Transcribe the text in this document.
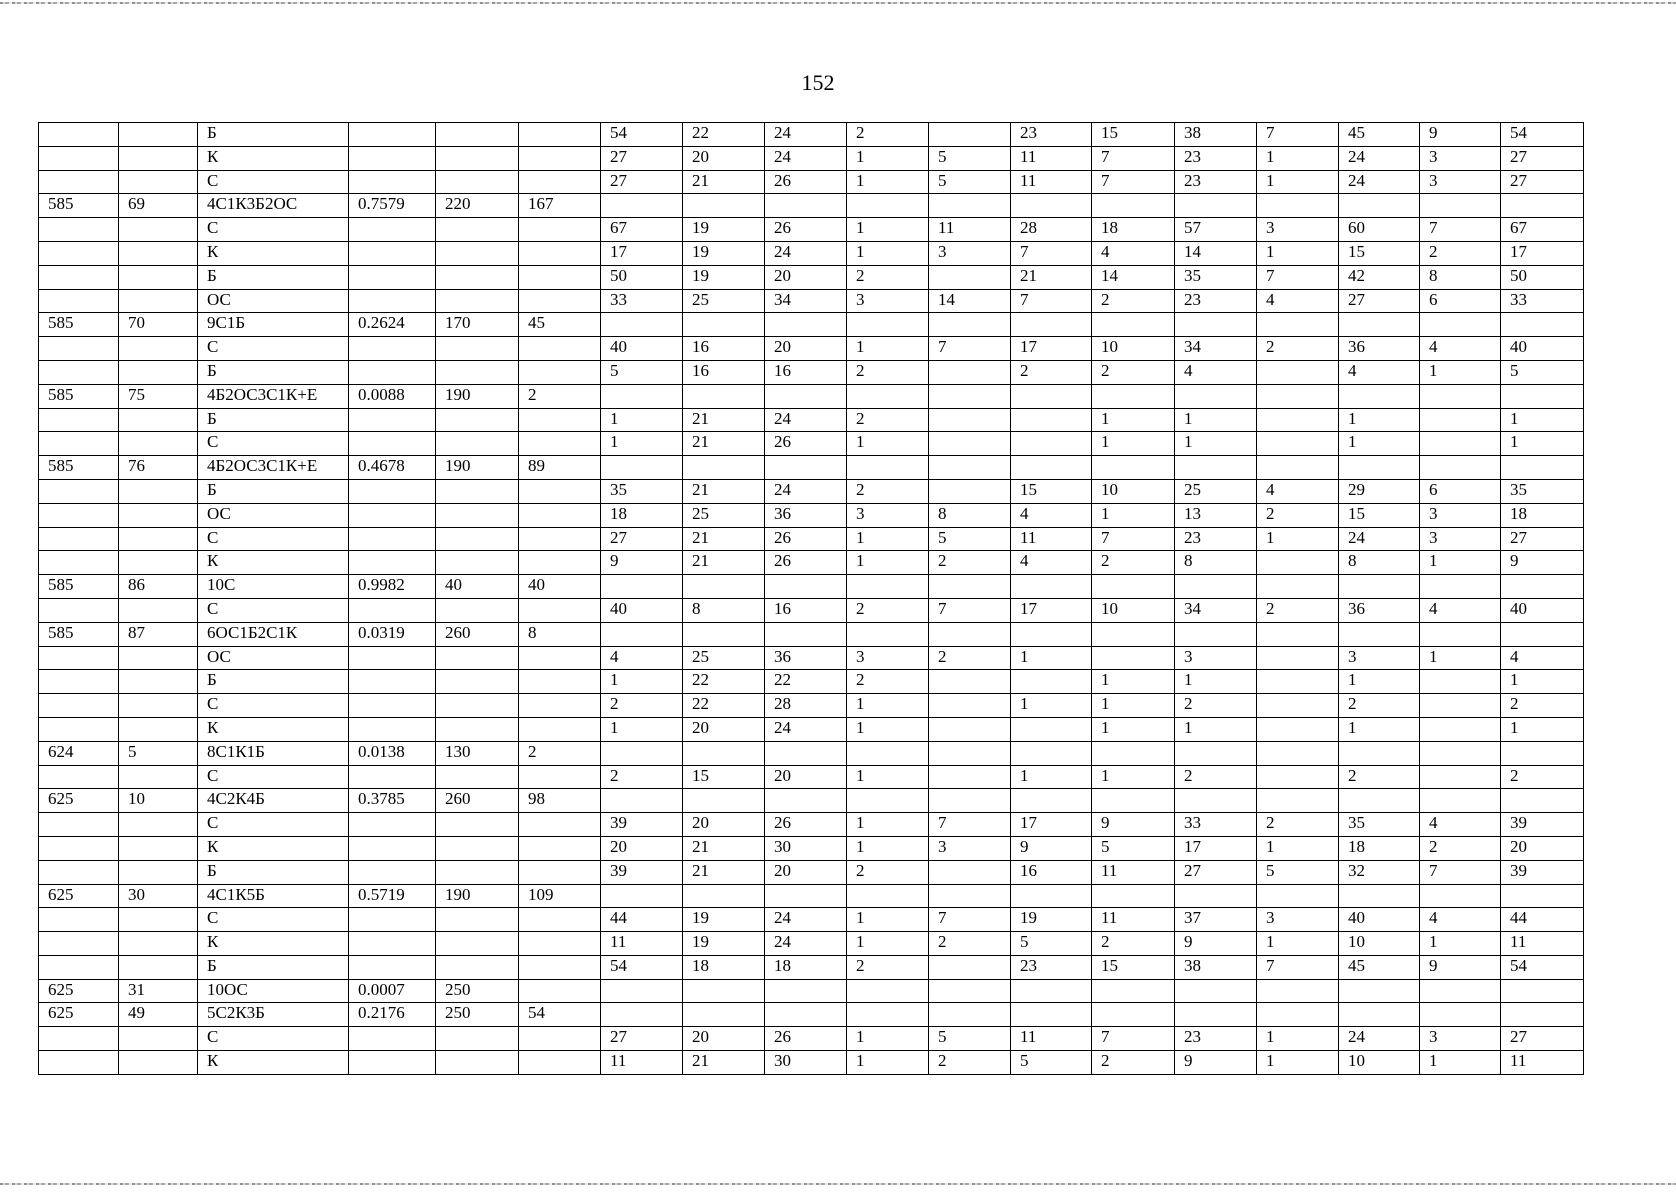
152
		Б				54	22	24	2		23	15	38	7	45	9	54
		К				27	20	24	1	5	11	7	23	1	24	3	27
		С				27	21	26	1	5	11	7	23	1	24	3	27
585	69	4С1К3Б2ОС	0.7579	220	167												
		С				67	19	26	1	11	28	18	57	3	60	7	67
		К				17	19	24	1	3	7	4	14	1	15	2	17
		Б				50	19	20	2		21	14	35	7	42	8	50
		ОС				33	25	34	3	14	7	2	23	4	27	6	33
585	70	9С1Б	0.2624	170	45												
		С				40	16	20	1	7	17	10	34	2	36	4	40
		Б				5	16	16	2		2	2	4		4	1	5
585	75	4Б2ОС3С1К+Е	0.0088	190	2												
		Б				1	21	24	2			1	1		1		1
		С				1	21	26	1			1	1		1		1
585	76	4Б2ОС3С1К+Е	0.4678	190	89												
		Б				35	21	24	2		15	10	25	4	29	6	35
		ОС				18	25	36	3	8	4	1	13	2	15	3	18
		С				27	21	26	1	5	11	7	23	1	24	3	27
		К				9	21	26	1	2	4	2	8		8	1	9
585	86	10С	0.9982	40	40												
		С				40	8	16	2	7	17	10	34	2	36	4	40
585	87	6ОС1Б2С1К	0.0319	260	8												
		ОС				4	25	36	3	2	1		3		3	1	4
		Б				1	22	22	2			1	1		1		1
		С				2	22	28	1		1	1	2		2		2
		К				1	20	24	1			1	1		1		1
624	5	8С1К1Б	0.0138	130	2												
		С				2	15	20	1		1	1	2		2		2
625	10	4С2К4Б	0.3785	260	98												
		С				39	20	26	1	7	17	9	33	2	35	4	39
		К				20	21	30	1	3	9	5	17	1	18	2	20
		Б				39	21	20	2		16	11	27	5	32	7	39
625	30	4С1К5Б	0.5719	190	109												
		С				44	19	24	1	7	19	11	37	3	40	4	44
		К				11	19	24	1	2	5	2	9	1	10	1	11
		Б				54	18	18	2		23	15	38	7	45	9	54
625	31	10ОС	0.0007	250													
625	49	5С2К3Б	0.2176	250	54												
		С				27	20	26	1	5	11	7	23	1	24	3	27
		К				11	21	30	1	2	5	2	9	1	10	1	11
